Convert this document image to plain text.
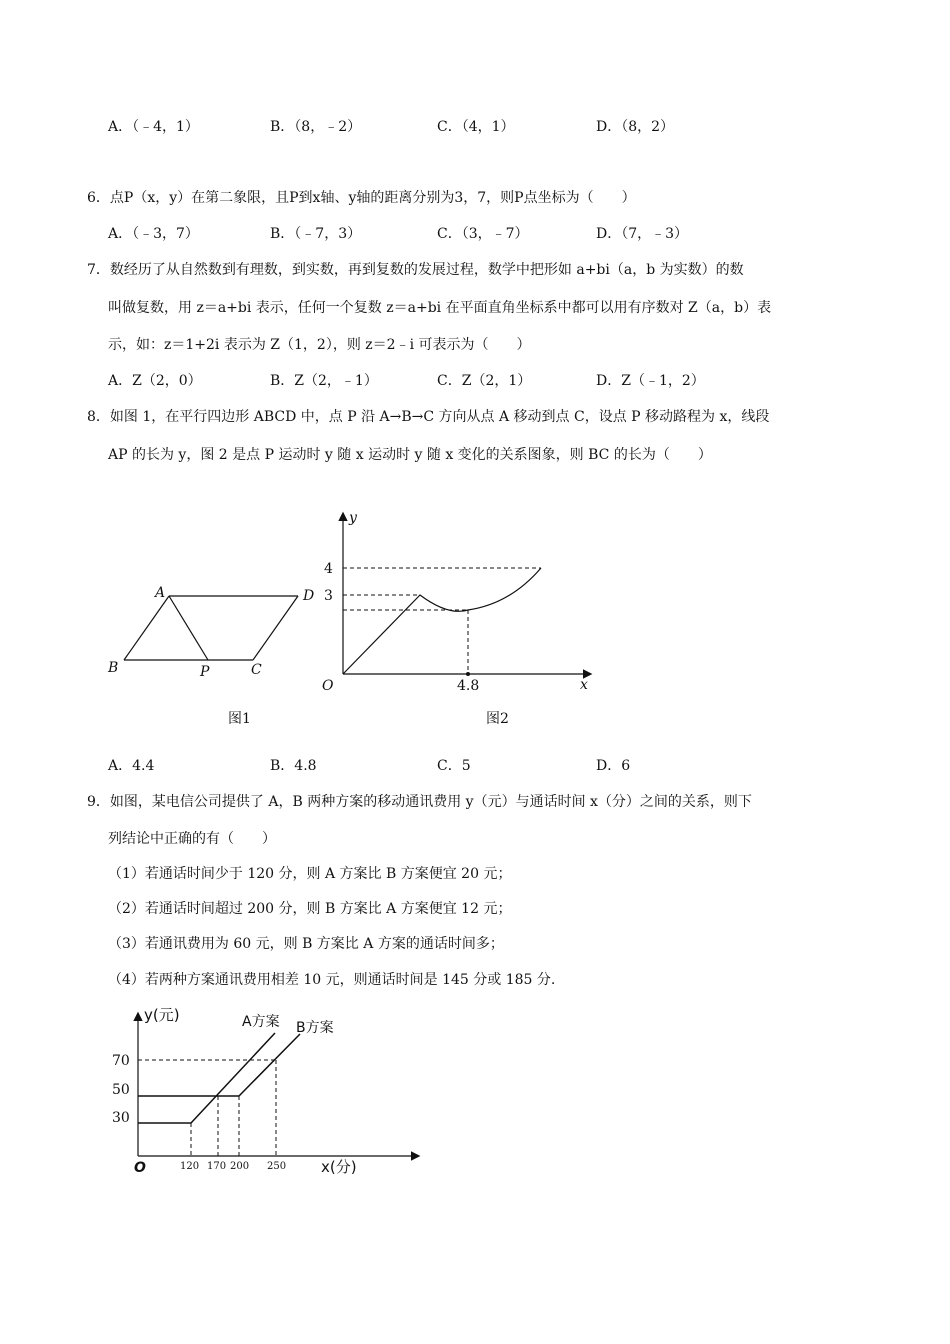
A．（﹣4，1）	B．（8，﹣2）	C．（4，1）	D．（8，2）
6．点P（x，y）在第二象限，且P到x轴、y轴的距离分别为3，7，则P点坐标为（　　）
A．（﹣3，7）	B．（﹣7，3）	C．（3，﹣7）	D．（7，﹣3）
7．数经历了从自然数到有理数，到实数，再到复数的发展过程，数学中把形如 a+bi（a，b 为实数）的数
叫做复数，用 z＝a+bi 表示，任何一个复数 z＝a+bi 在平面直角坐标系中都可以用有序数对 Z（a，b）表
示，如：z＝1+2i 表示为 Z（1，2），则 z＝2﹣i 可表示为（　　）
A．Z（2，0）	B．Z（2，﹣1）	C．Z（2，1）	D．Z（﹣1，2）
8．如图 1，在平行四边形 ABCD 中，点 P 沿 A→B→C 方向从点 A 移动到点 C，设点 P 移动路程为 x，线段
AP 的长为 y，图 2 是点 P 运动时 y 随 x 运动时 y 随 x 变化的关系图象，则 BC 的长为（　　）
A	D
B	P	C
图1
y
x
O
4
3
4.8
图2
A．4.4	B．4.8	C．5	D．6
9．如图，某电信公司提供了 A，B 两种方案的移动通讯费用 y（元）与通话时间 x（分）之间的关系，则下
列结论中正确的有（　　）
（1）若通话时间少于 120 分，则 A 方案比 B 方案便宜 20 元；
（2）若通话时间超过 200 分，则 B 方案比 A 方案便宜 12 元；
（3）若通讯费用为 60 元，则 B 方案比 A 方案的通话时间多；
（4）若两种方案通讯费用相差 10 元，则通话时间是 145 分或 185 分.
y(元)
x(分)
O
A方案 B方案
70
50
30
120 170 200 250
